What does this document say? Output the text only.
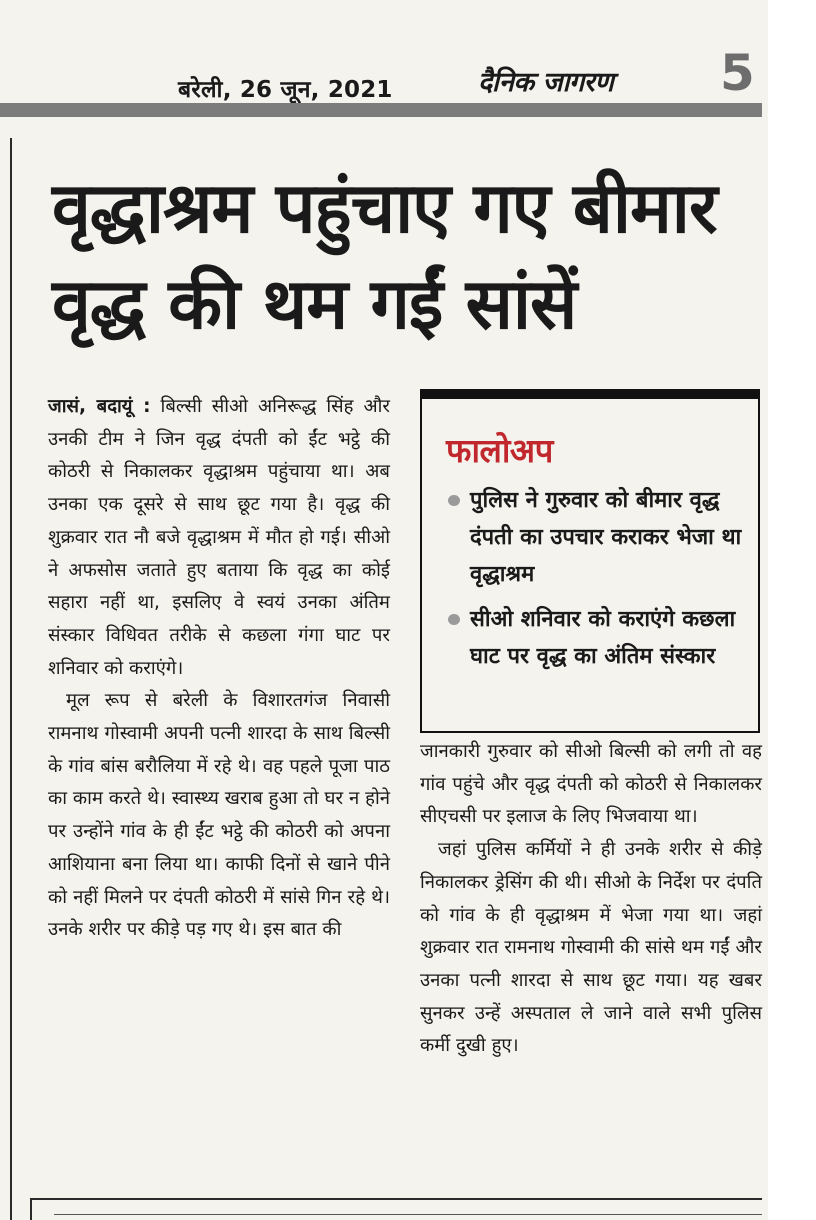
बरेली, 26 जून, 2021	दैनिक जागरण 5
वृद्धाश्रम पहुंचाए गए बीमार
वृद्ध की थम गईं सांसें

जासं, बदायूं : बिल्सी सीओ अनिरूद्ध सिंह और उनकी टीम ने जिन वृद्ध दंपती को ईंट भट्ठे की कोठरी से निकालकर वृद्धाश्रम पहुंचाया था। अब उनका एक दूसरे से साथ छूट गया है। वृद्ध की शुक्रवार रात नौ बजे वृद्धाश्रम में मौत हो गई। सीओ ने अफसोस जताते हुए बताया कि वृद्ध का कोई सहारा नहीं था, इसलिए वे स्वयं उनका अंतिम संस्कार विधिवत तरीके से कछला गंगा घाट पर शनिवार को कराएंगे।

मूल रूप से बरेली के विशारतगंज निवासी रामनाथ गोस्वामी अपनी पत्नी शारदा के साथ बिल्सी के गांव बांस बरौलिया में रहे थे। वह पहले पूजा पाठ का काम करते थे। स्वास्थ्य खराब हुआ तो घर न होने पर उन्होंने गांव के ही ईंट भट्ठे की कोठरी को अपना आशियाना बना लिया था। काफी दिनों से खाने पीने को नहीं मिलने पर दंपती कोठरी में सांसे गिन रहे थे। उनके शरीर पर कीड़े पड़ गए थे। इस बात की

फालोअप
पुलिस ने गुरुवार को बीमार वृद्ध दंपती का उपचार कराकर भेजा था वृद्धाश्रम
सीओ शनिवार को कराएंगे कछला घाट पर वृद्ध का अंतिम संस्कार

जानकारी गुरुवार को सीओ बिल्सी को लगी तो वह गांव पहुंचे और वृद्ध दंपती को कोठरी से निकालकर सीएचसी पर इलाज के लिए भिजवाया था।

जहां पुलिस कर्मियों ने ही उनके शरीर से कीड़े निकालकर ड्रेसिंग की थी। सीओ के निर्देश पर दंपति को गांव के ही वृद्धाश्रम में भेजा गया था। जहां शुक्रवार रात रामनाथ गोस्वामी की सांसे थम गईं और उनका पत्नी शारदा से साथ छूट गया। यह खबर सुनकर उन्हें अस्पताल ले जाने वाले सभी पुलिस कर्मी दुखी हुए।
